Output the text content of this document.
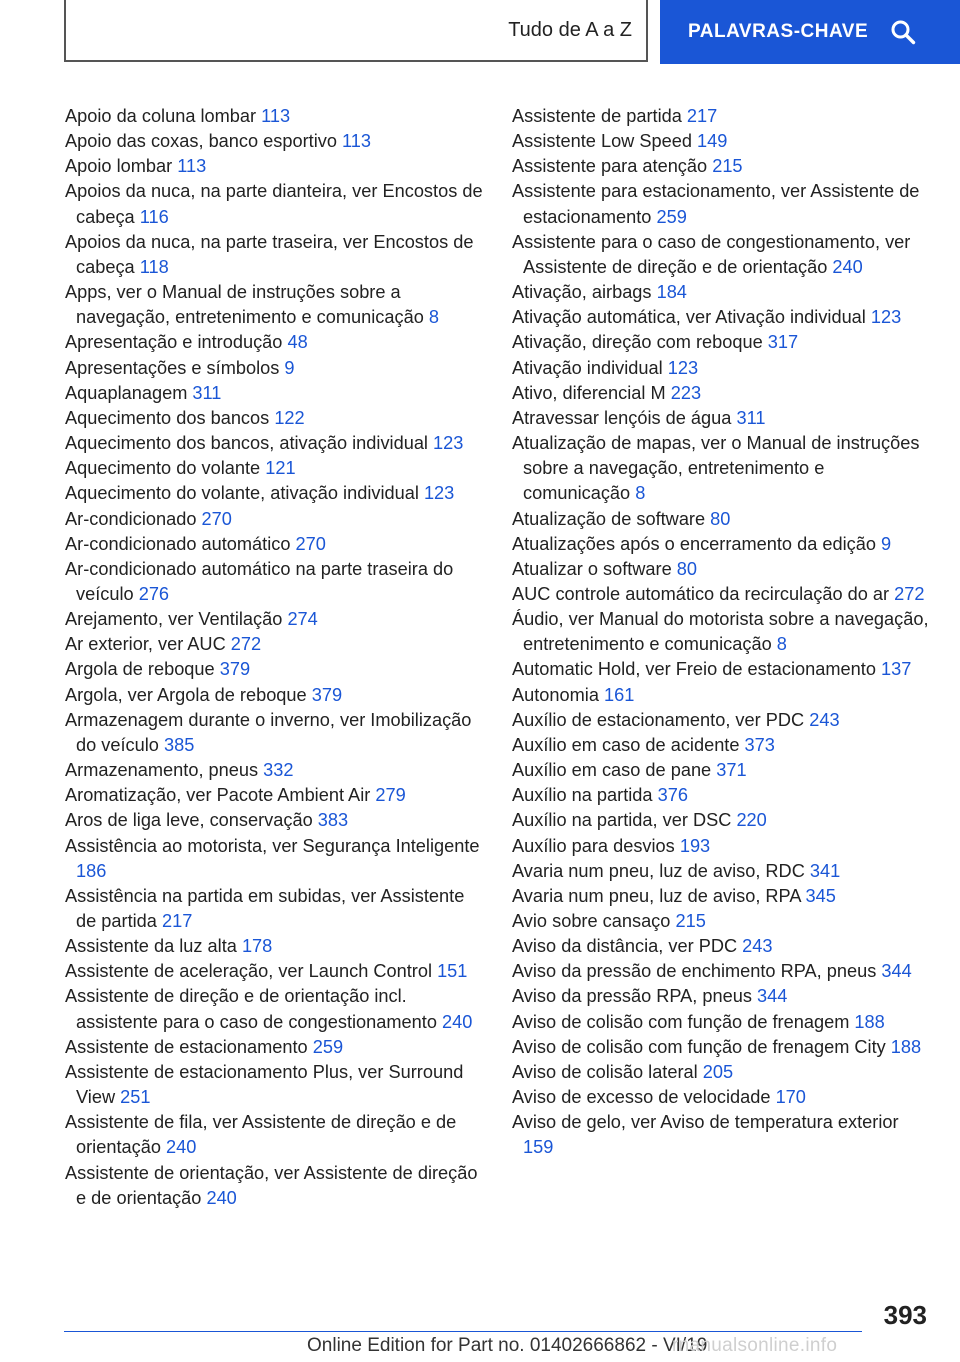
Tudo de A a Z	PALAVRAS-CHAVE
Apoio da coluna lombar 113
Apoio das coxas, banco esportivo 113
Apoio lombar 113
Apoios da nuca, na parte dianteira, ver Encostos de cabeça 116
Apoios da nuca, na parte traseira, ver Encostos de cabeça 118
Apps, ver o Manual de instruções sobre a navegação, entretenimento e comunicação 8
Apresentação e introdução 48
Apresentações e símbolos 9
Aquaplanagem 311
Aquecimento dos bancos 122
Aquecimento dos bancos, ativação individual 123
Aquecimento do volante 121
Aquecimento do volante, ativação individual 123
Ar-condicionado 270
Ar-condicionado automático 270
Ar-condicionado automático na parte traseira do veículo 276
Arejamento, ver Ventilação 274
Ar exterior, ver AUC 272
Argola de reboque 379
Argola, ver Argola de reboque 379
Armazenagem durante o inverno, ver Imobilização do veículo 385
Armazenamento, pneus 332
Aromatização, ver Pacote Ambient Air 279
Aros de liga leve, conservação 383
Assistência ao motorista, ver Segurança Inteligente 186
Assistência na partida em subidas, ver Assistente de partida 217
Assistente da luz alta 178
Assistente de aceleração, ver Launch Control 151
Assistente de direção e de orientação incl. assistente para o caso de congestionamento 240
Assistente de estacionamento 259
Assistente de estacionamento Plus, ver Surround View 251
Assistente de fila, ver Assistente de direção e de orientação 240
Assistente de orientação, ver Assistente de direção e de orientação 240
Assistente de partida 217
Assistente Low Speed 149
Assistente para atenção 215
Assistente para estacionamento, ver Assistente de estacionamento 259
Assistente para o caso de congestionamento, ver Assistente de direção e de orientação 240
Ativação, airbags 184
Ativação automática, ver Ativação individual 123
Ativação, direção com reboque 317
Ativação individual 123
Ativo, diferencial M 223
Atravessar lençóis de água 311
Atualização de mapas, ver o Manual de instruções sobre a navegação, entretenimento e comunicação 8
Atualização de software 80
Atualizações após o encerramento da edição 9
Atualizar o software 80
AUC controle automático da recirculação do ar 272
Áudio, ver Manual do motorista sobre a navegação, entretenimento e comunicação 8
Automatic Hold, ver Freio de estacionamento 137
Autonomia 161
Auxílio de estacionamento, ver PDC 243
Auxílio em caso de acidente 373
Auxílio em caso de pane 371
Auxílio na partida 376
Auxílio na partida, ver DSC 220
Auxílio para desvios 193
Avaria num pneu, luz de aviso, RDC 341
Avaria num pneu, luz de aviso, RPA 345
Avio sobre cansaço 215
Aviso da distância, ver PDC 243
Aviso da pressão de enchimento RPA, pneus 344
Aviso da pressão RPA, pneus 344
Aviso de colisão com função de frenagem 188
Aviso de colisão com função de frenagem City 188
Aviso de colisão lateral 205
Aviso de excesso de velocidade 170
Aviso de gelo, ver Aviso de temperatura exterior 159
393
Online Edition for Part no. 01402666862 - VI/19
rnanualsonline.info
